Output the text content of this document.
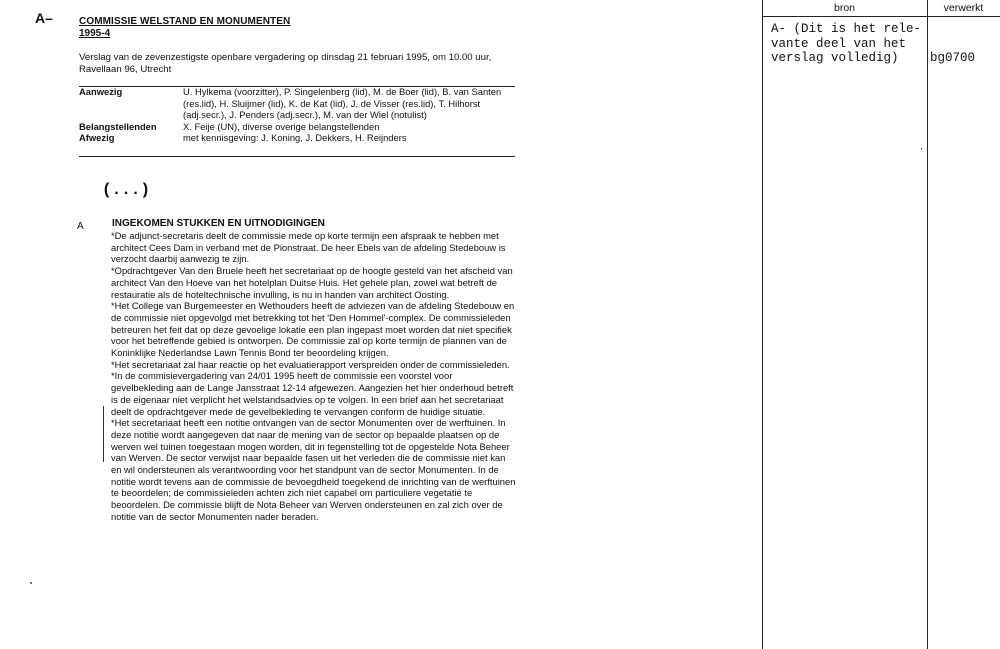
A–	COMMISSIE WELSTAND EN MONUMENTEN
1995-4
Verslag van de zevenzestigste openbare vergadering op dinsdag 21 februari 1995, om 10.00 uur, Ravellaan 96, Utrecht
Aanwezig	U. Hylkema (voorzitter), P. Singelenberg (lid), M. de Boer (lid), B. van Santen (res.lid), H. Sluijmer (lid), K. de Kat (lid), J. de Visser (res.lid), T. Hilhorst (adj.secr.), J. Penders (adj.secr.), M. van der Wiel (notulist)
Belangstellenden	X. Feije (UN), diverse overige belangstellenden
Afwezig	met kennisgeving: J. Koning, J. Dekkers, H. Reijnders
(...)
A	INGEKOMEN STUKKEN EN UITNODIGINGEN

*De adjunct-secretaris deelt de commissie mede op korte termijn een afspraak te hebben met architect Cees Dam in verband met de Pionstraat. De heer Ebels van de afdeling Stedebouw is verzocht daarbij aanwezig te zijn.

*Opdrachtgever Van den Bruele heeft het secretariaat op de hoogte gesteld van het afscheid van architect Van den Hoeve van het hotelplan Duitse Huis. Het gehele plan, zowel wat betreft de restauratie als de hoteltechnische invulling, is nu in handen van architect Oosting.

*Het College van Burgemeester en Wethouders heeft de adviezen van de afdeling Stedebouw en de commissie niet opgevolgd met betrekking tot het 'Den Hommel'-complex. De commissieleden betreuren het feit dat op deze gevoelige lokatie een plan ingepast moet worden dat niet specifiek voor het betreffende gebied is ontworpen. De commissie zal op korte termijn de plannen van de Koninklijke Nederlandse Lawn Tennis Bond ter beoordeling krijgen.

*Het secretariaat zal haar reactie op het evaluatierapport verspreiden onder de commissieleden.

*In de commisievergadering van 24/01 1995 heeft de commissie een voorstel voor gevelbekleding aan de Lange Jansstraat 12-14 afgewezen. Aangezien het hier onderhoud betreft is de eigenaar niet verplicht het welstandsadvies op te volgen. In een brief aan het secretariaat deelt de opdrachtgever mede de gevelbekleding te vervangen conform de huidige situatie.

*Het secretariaat heeft een notitie ontvangen van de sector Monumenten over de werftuinen. In deze notitie wordt aangegeven dat naar de mening van de sector op bepaalde plaatsen op de werven wel tuinen toegestaan mogen worden, dit in tegenstelling tot de opgestelde Nota Beheer van Werven. De sector verwijst naar bepaalde fasen uit het verleden die de commissie niet kan en wil ondersteunen als verantwoording voor het standpunt van de sector Monumenten. In de notitie wordt tevens aan de commissie de bevoegdheid toegekend de inrichting van de werftuinen te beoordelen; de commissieleden achten zich niet capabel om particuliere vegetatie te beoordelen. De commissie blijft de Nota Beheer van Werven ondersteunen en zal zich over de notitie van de sector Monumenten nader beraden.

bron	verwerkt
A- (Dit is het rele-
vante deel van het
verslag volledig)	bg0700
